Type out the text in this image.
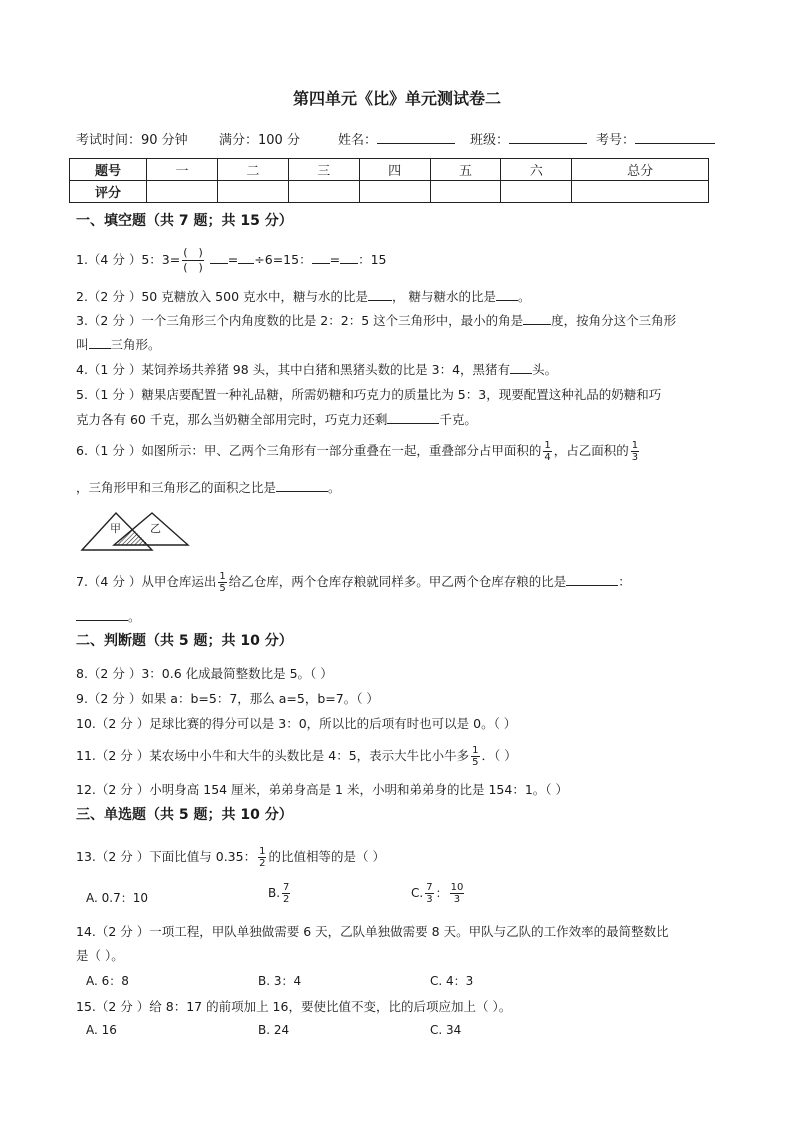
第四单元《比》单元测试卷二
考试时间：90 分钟 满分：100 分	姓名：	班级：	考号：
题号	一	二	三	四	五	六	总分
评分							
一、填空题（共 7 题；共 15 分）
1.（4 分 ）5：$3= \frac{( )}{( )} = \div 6=15$： = ：15
2.（2 分 ）50 克糖放入 500 克水中，糖与水的比是 ， 糖与糖水的比是 。
3.（2 分 ）一个三角形三个内角度数的比是 2：2：5 这个三角形中，最小的角是 度，按角分这个三角形
叫 三角形。
4.（1 分 ）某饲养场共养猪 98 头，其中白猪和黑猪头数的比是 3：4，黑猪有 头。
5.（1 分 ）糖果店要配置一种礼品糖，所需奶糖和巧克力的质量比为 5：3，现要配置这种礼品的奶糖和巧
克力各有 60 千克，那么当奶糖全部用完时，巧克力还剩	千克。
6.（1 分 ）如图所示：甲、乙两个三角形有一部分重叠在一起，重叠部分占甲面积的 $\frac{1}{4}$ ，占乙面积的 $\frac{1}{3}$
，三角形甲和三角形乙的面积之比是	。
甲	乙
7.（4 分 ）从甲仓库运出 $\frac{1}{5}$ 给乙仓库，两个仓库存粮就同样多。甲乙两个仓库存粮的比是	：
。
二、判断题（共 5 题；共 10 分）
8.（2 分 ）3：0.6 化成最简整数比是 5。（ ）
9.（2 分 ）如果 a：b=5：7，那么 a=5，b=7。（ ）
10.（2 分 ）足球比赛的得分可以是 3：0，所以比的后项有时也可以是 0。（ ）
11.（2 分 ）某农场中小牛和大牛的头数比是 4：5，表示大牛比小牛多 $\frac{1}{5}$ ．（ ）
12.（2 分 ）小明身高 154 厘米，弟弟身高是 1 米，小明和弟弟身的比是 154：1。（ ）
三、单选题（共 5 题；共 10 分）
13.（2 分 ）下面比值与 0.35： $\frac{1}{2}$ 的比值相等的是（ ）
A. 0.7：10	B. $\frac{7}{2}$	C. $\frac{7}{3}$ ： $\frac{10}{3}$
14.（2 分 ）一项工程，甲队单独做需要 6 天，乙队单独做需要 8 天。甲队与乙队的工作效率的最简整数比
是（ ）。
A. 6：8	B. 3：4	C. 4：3
15.（2 分 ）给 8：17 的前项加上 16，要使比值不变，比的后项应加上（ ）。
A. 16	B. 24	C. 34
